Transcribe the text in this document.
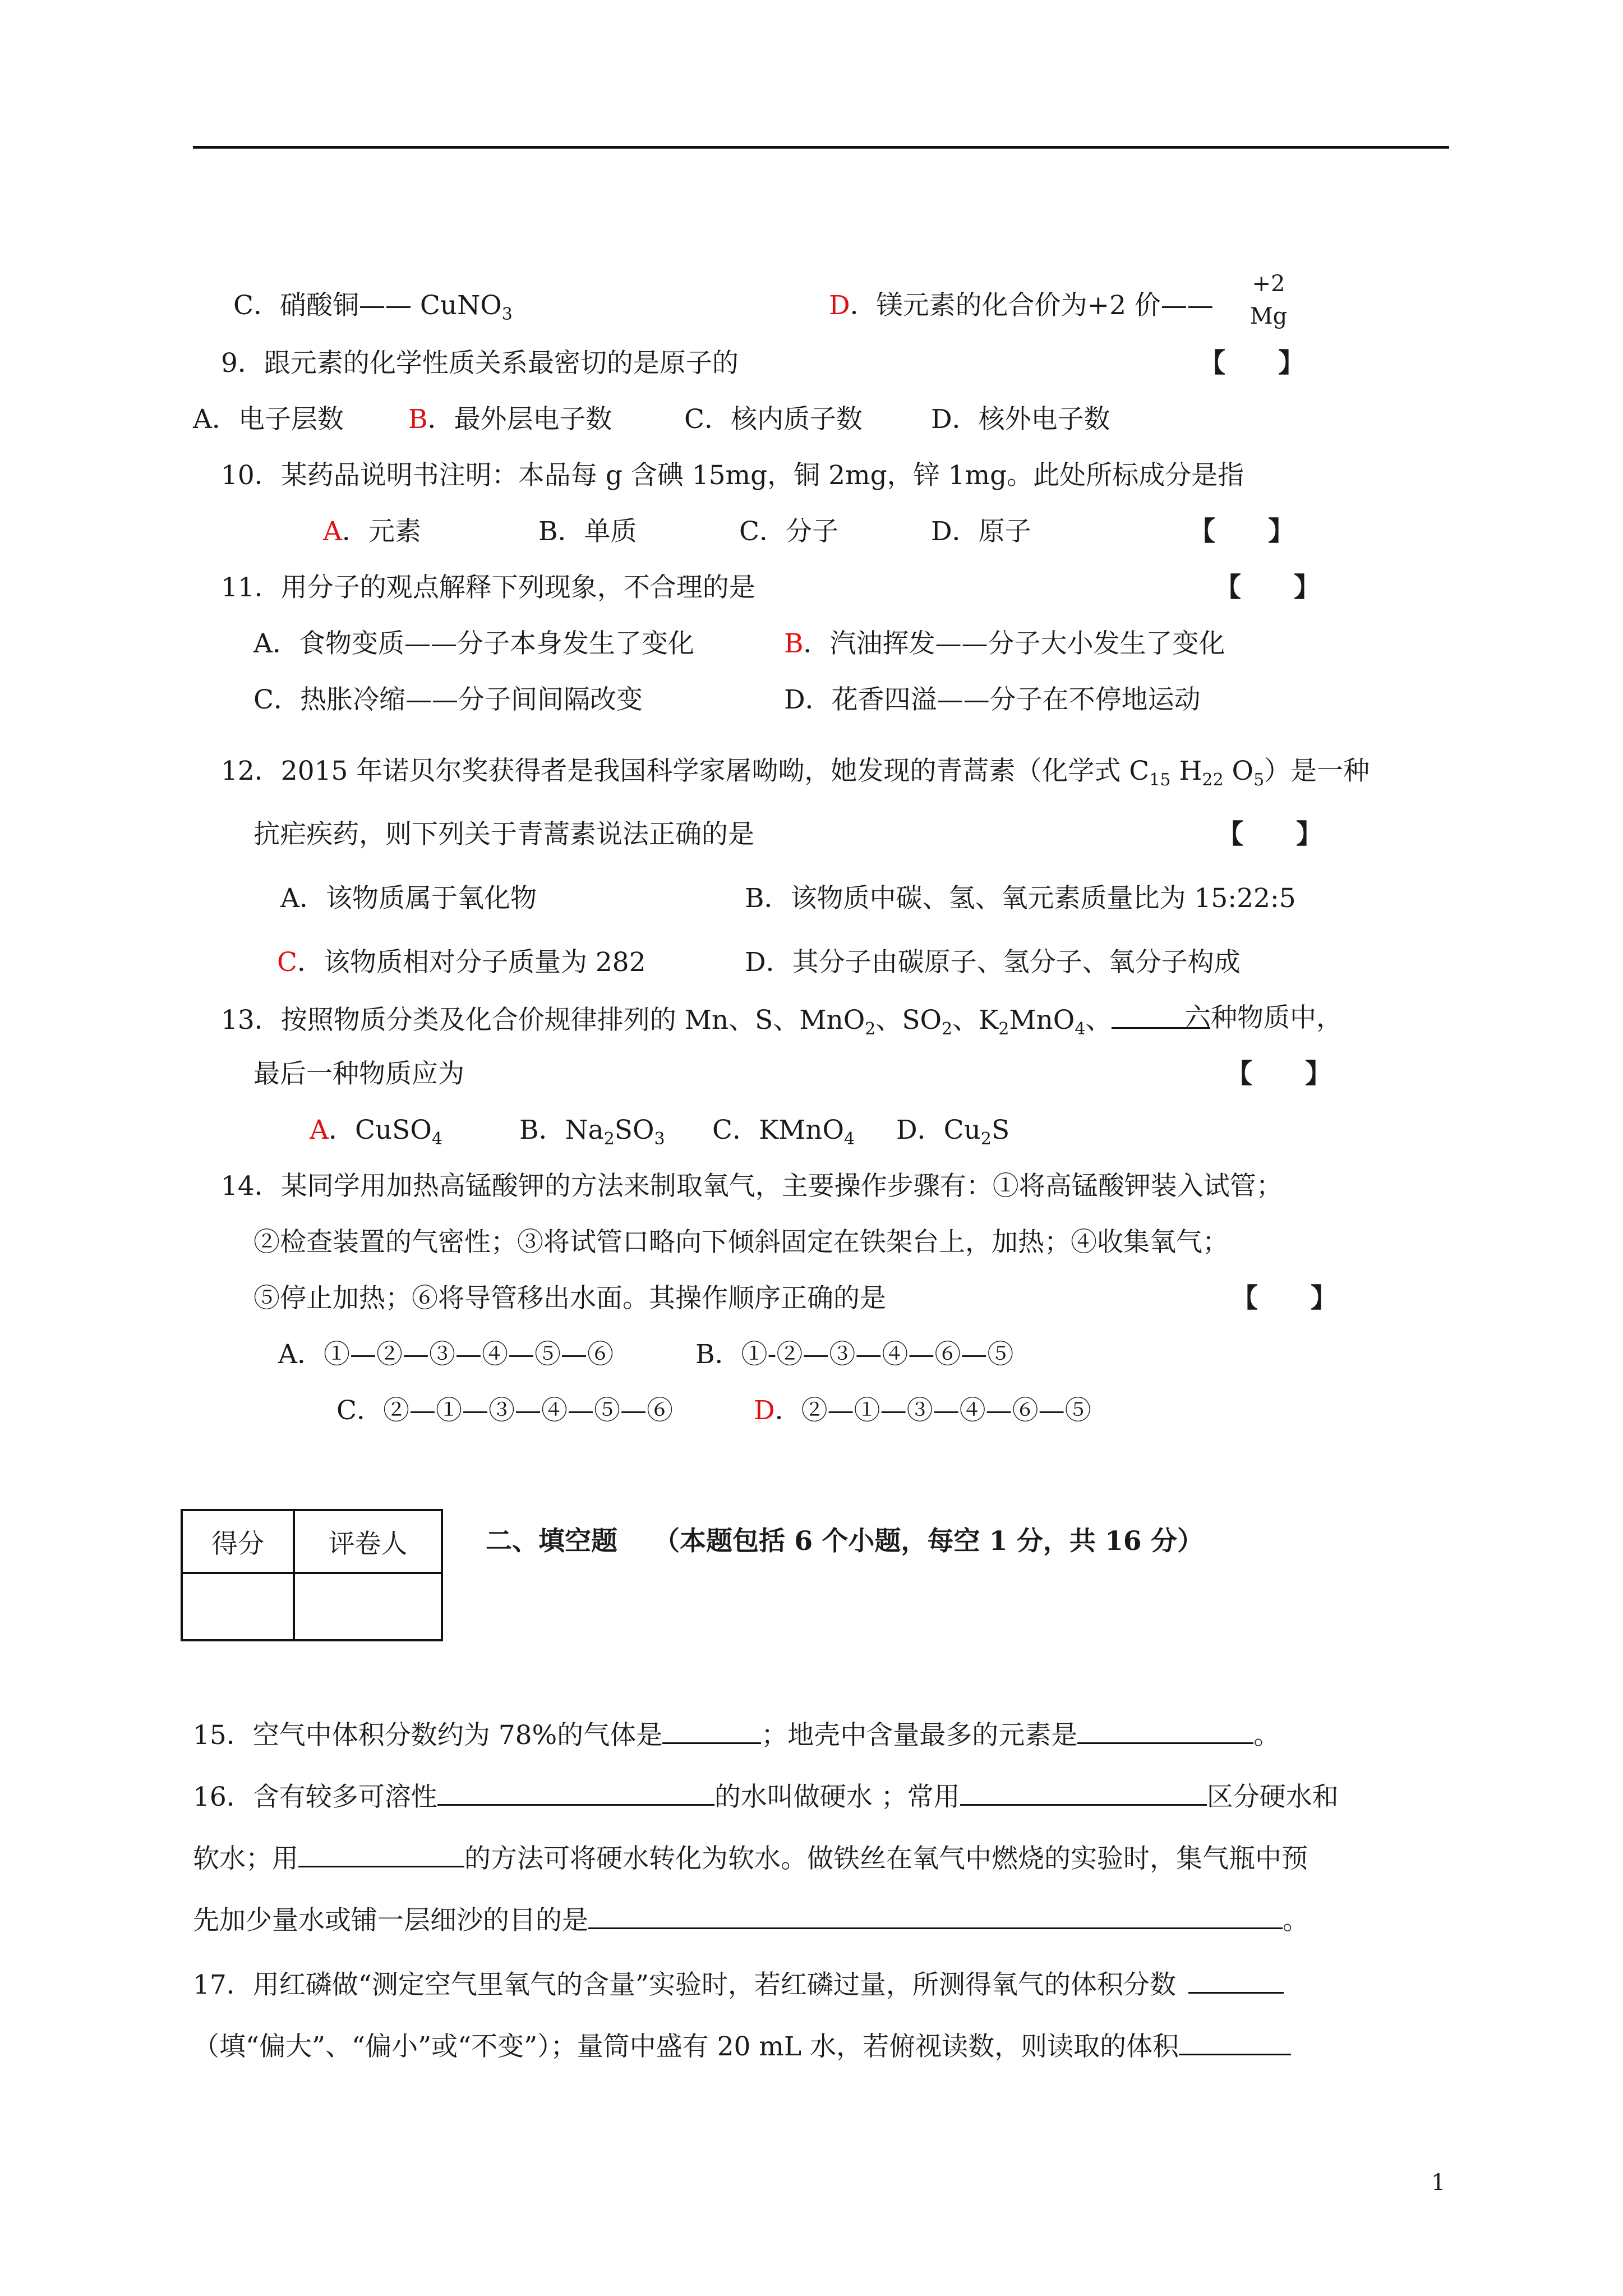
C．硝酸铜—— CuNO$_3$	D．镁元素的化合价为+2 价——
+2
Mg
9．跟元素的化学性质关系最密切的是原子的	【　　】
A．电子层数 B．最外层电子数	C．核内质子数	D．核外电子数
10．某药品说明书注明：本品每 g 含碘 15mg，铜 2mg，锌 1mg。此处所标成分是指
A．元素	B．单质	C．分子	D．原子	【　　】
11．用分子的观点解释下列现象，不合理的是	【　　】
A．食物变质——分子本身发生了变化	B．汽油挥发——分子大小发生了变化
C．热胀冷缩——分子间间隔改变	D．花香四溢——分子在不停地运动
12．2015 年诺贝尔奖获得者是我国科学家屠呦呦，她发现的青蒿素（化学式 $C_{15}$ $H_{22}$ $O_5$）是一种
抗疟疾药，则下列关于青蒿素说法正确的是	【　　】
A．该物质属于氧化物	B．该物质中碳、氢、氧元素质量比为 15:22:5
C．该物质相对分子质量为 282	D．其分子由碳原子、氢分子、氧分子构成
13．按照物质分类及化合价规律排列的 Mn、S、MnO$_2$、$SO_2$、$K_2MnO_4$、	六种物质中，
最后一种物质应为	【　　】
A．CuSO$_4$	B．$Na_2SO_3$ C．KMnO$_4$ D．$Cu_2S$
14．某同学用加热高锰酸钾的方法来制取氧气，主要操作步骤有：①将高锰酸钾装入试管；
②检查装置的气密性；③将试管口略向下倾斜固定在铁架台上，加热；④收集氧气；
⑤停止加热；⑥将导管移出水面。其操作顺序正确的是	【　　】
A．①—②—③—④—⑤—⑥	B．①-②—③—④—⑥—⑤
C．②—①—③—④—⑤—⑥	D．②—①—③—④—⑥—⑤
得分	评卷人
		二、填空题 （本题包括 6 个小题，每空 1 分，共 16 分）
15．空气中体积分数约为 78%的气体是	；地壳中含量最多的元素是	。
16．含有较多可溶性	的水叫做硬水 ；常用	区分硬水和
软水；用	的方法可将硬水转化为软水。做铁丝在氧气中燃烧的实验时，集气瓶中预
先加少量水或铺一层细沙的目的是	。
17．用红磷做“测定空气里氧气的含量”实验时，若红磷过量，所测得氧气的体积分数
（填“偏大”、“偏小”或“不变”）；量筒中盛有 20 mL 水，若俯视读数，则读取的体积
1
